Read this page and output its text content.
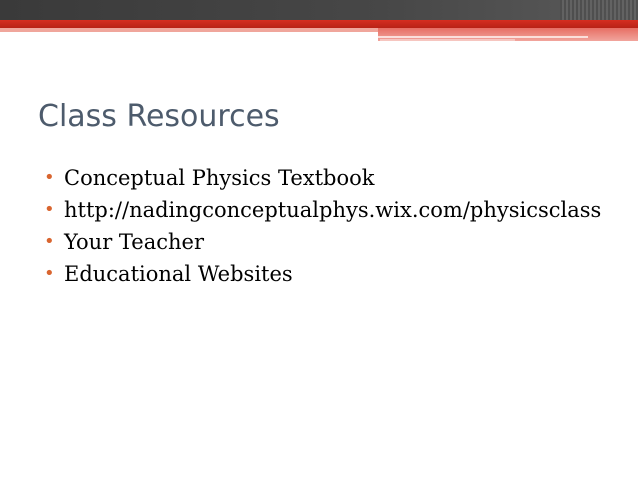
Class Resources
• Conceptual Physics Textbook
• http://nadingconceptualphys.wix.com/physicsclass
• Your Teacher
• Educational Websites
